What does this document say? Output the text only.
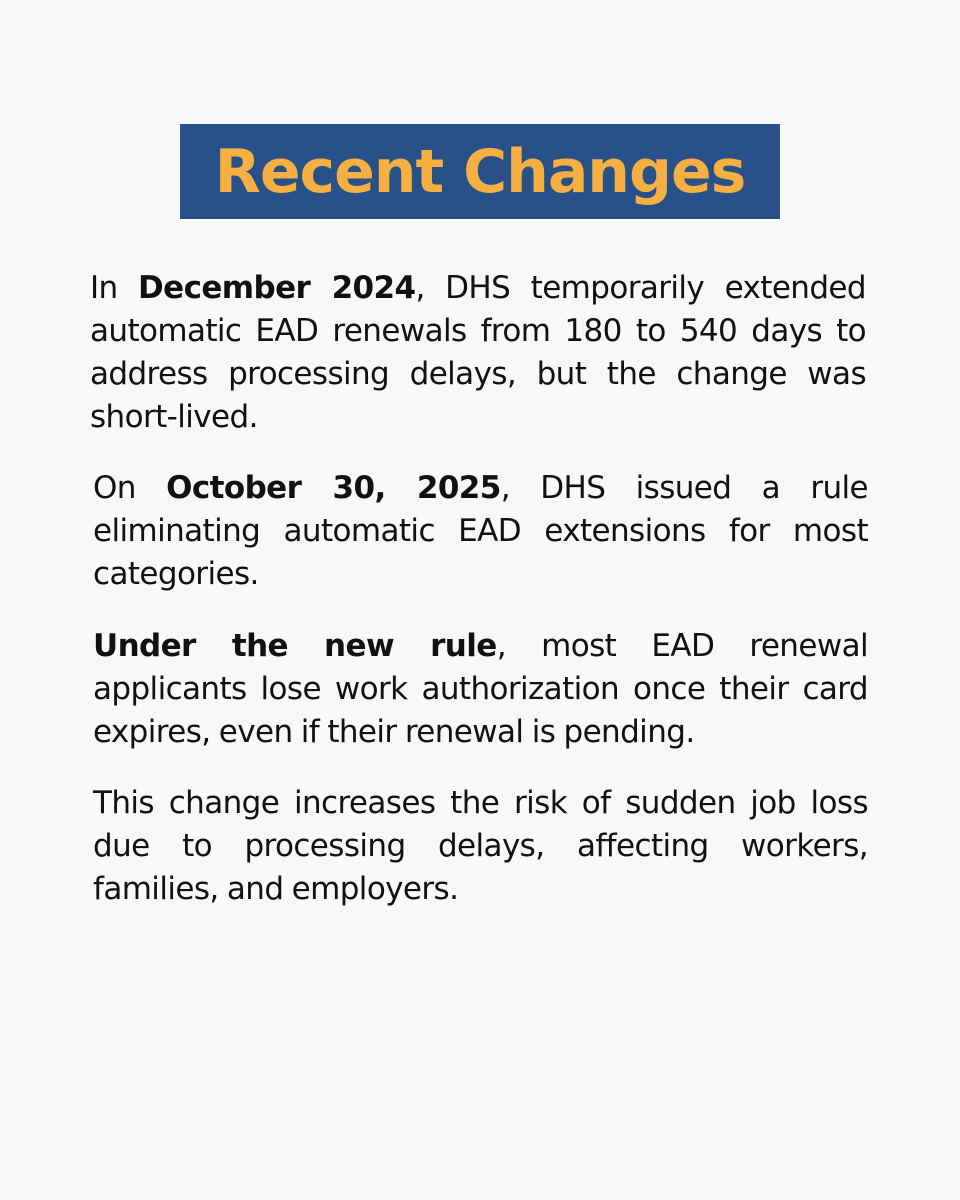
Recent Changes

In December 2024, DHS temporarily extended automatic EAD renewals from 180 to 540 days to address processing delays, but the change was short-lived.

On October 30, 2025, DHS issued a rule eliminating automatic EAD extensions for most categories.

Under the new rule, most EAD renewal applicants lose work authorization once their card expires, even if their renewal is pending.

This change increases the risk of sudden job loss due to processing delays, affecting workers, families, and employers.
